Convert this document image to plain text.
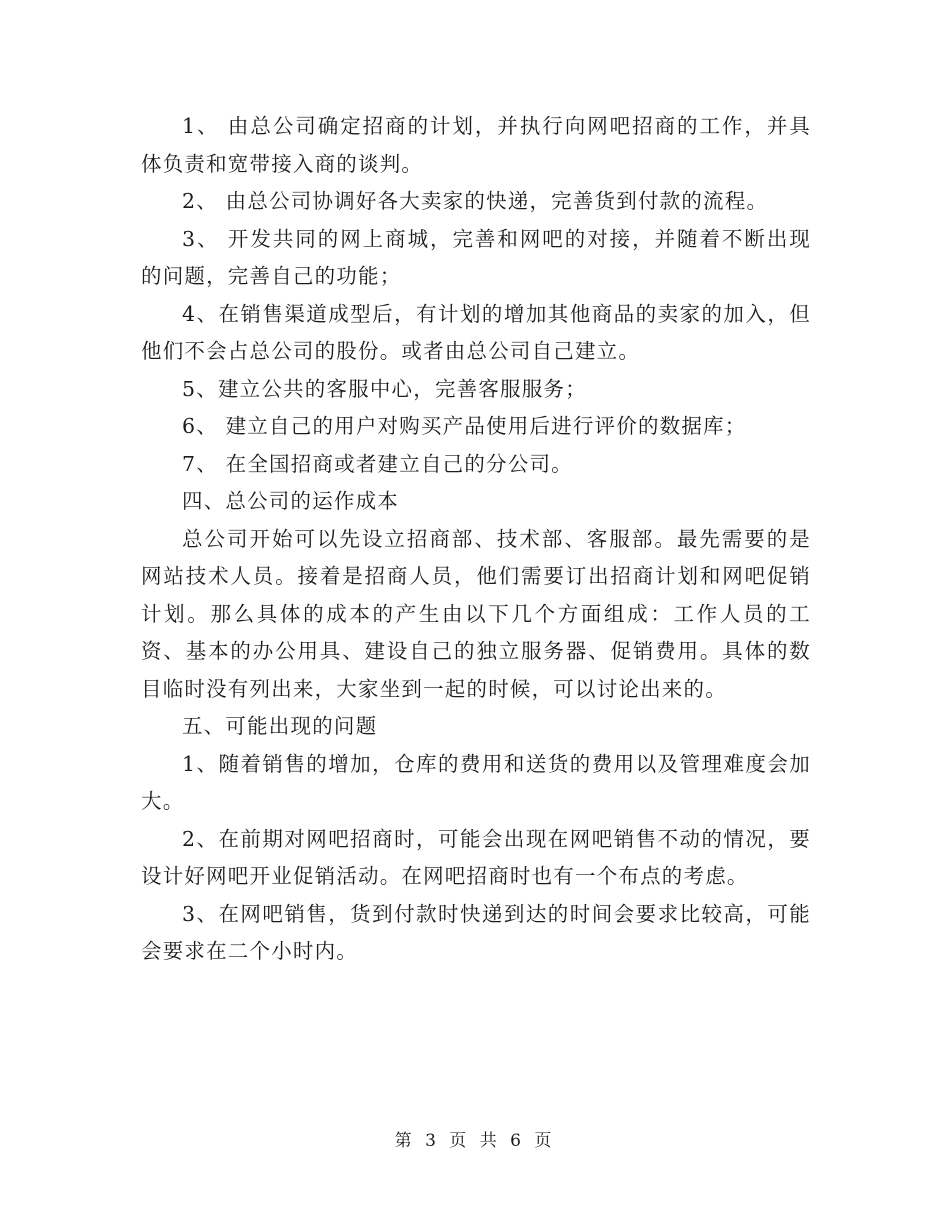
1、 由总公司确定招商的计划，并执行向网吧招商的工作，并具体负责和宽带接入商的谈判。

2、 由总公司协调好各大卖家的快递，完善货到付款的流程。

3、 开发共同的网上商城，完善和网吧的对接，并随着不断出现的问题，完善自己的功能；

4、在销售渠道成型后，有计划的增加其他商品的卖家的加入，但他们不会占总公司的股份。或者由总公司自己建立。

5、建立公共的客服中心，完善客服服务；

6、 建立自己的用户对购买产品使用后进行评价的数据库；

7、 在全国招商或者建立自己的分公司。

四、总公司的运作成本

总公司开始可以先设立招商部、技术部、客服部。最先需要的是网站技术人员。接着是招商人员，他们需要订出招商计划和网吧促销计划。那么具体的成本的产生由以下几个方面组成：工作人员的工资、基本的办公用具、建设自己的独立服务器、促销费用。具体的数目临时没有列出来，大家坐到一起的时候，可以讨论出来的。

五、可能出现的问题

1、随着销售的增加，仓库的费用和送货的费用以及管理难度会加大。

2、在前期对网吧招商时，可能会出现在网吧销售不动的情况，要设计好网吧开业促销活动。在网吧招商时也有一个布点的考虑。

3、在网吧销售，货到付款时快递到达的时间会要求比较高，可能会要求在二个小时内。

第 3 页 共 6 页
